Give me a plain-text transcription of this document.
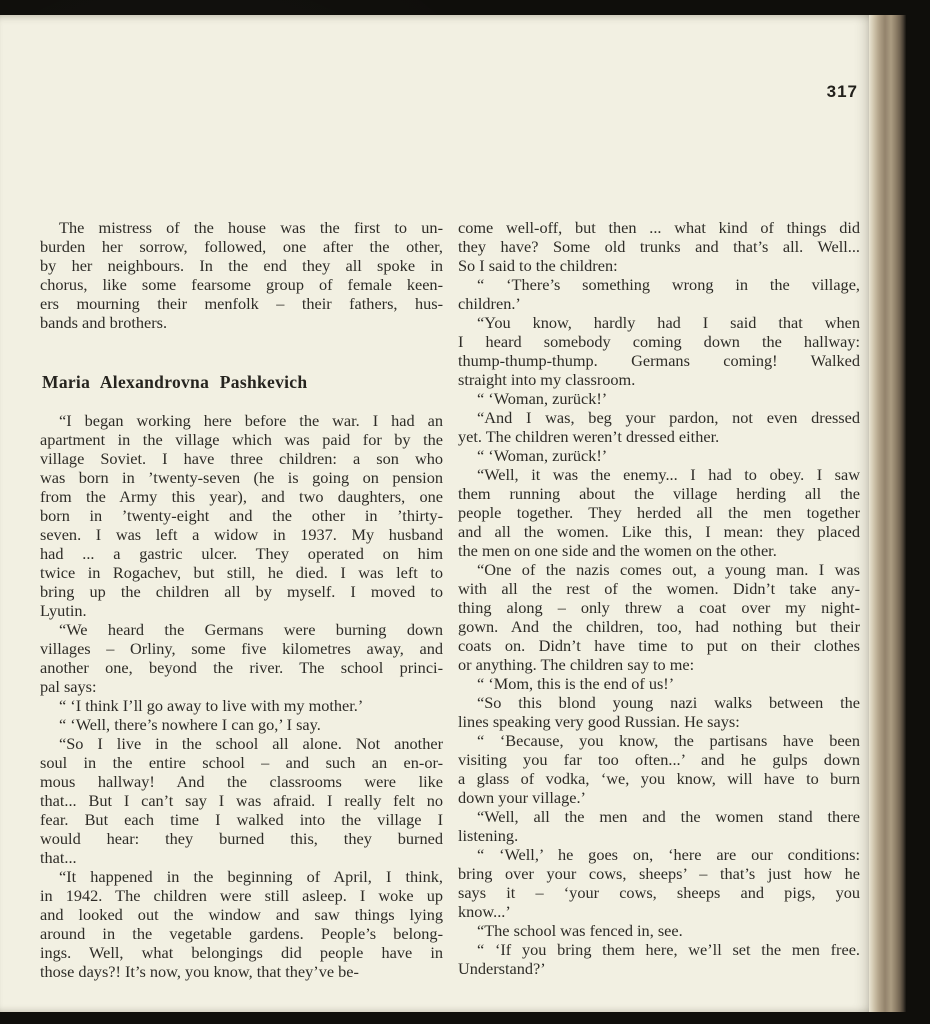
317
The mistress of the house was the first to un-
burden her sorrow, followed, one after the other,
by her neighbours. In the end they all spoke in
chorus, like some fearsome group of female keen-
ers mourning their menfolk – their fathers, hus-
bands and brothers.
Maria Alexandrovna Pashkevich
“I began working here before the war. I had an
apartment in the village which was paid for by the
village Soviet. I have three children: a son who
was born in ’twenty-seven (he is going on pension
from the Army this year), and two daughters, one
born in ’twenty-eight and the other in ’thirty-
seven. I was left a widow in 1937. My husband
had ... a gastric ulcer. They operated on him
twice in Rogachev, but still, he died. I was left to
bring up the children all by myself. I moved to
Lyutin.
“We heard the Germans were burning down
villages – Orliny, some five kilometres away, and
another one, beyond the river. The school princi-
pal says:
“ ‘I think I’ll go away to live with my mother.’
“ ‘Well, there’s nowhere I can go,’ I say.
“So I live in the school all alone. Not another
soul in the entire school – and such an en-or-
mous hallway! And the classrooms were like
that... But I can’t say I was afraid. I really felt no
fear. But each time I walked into the village I
would hear: they burned this, they burned
that...
“It happened in the beginning of April, I think,
in 1942. The children were still asleep. I woke up
and looked out the window and saw things lying
around in the vegetable gardens. People’s belong-
ings. Well, what belongings did people have in
those days?! It’s now, you know, that they’ve be-
come well-off, but then ... what kind of things did
they have? Some old trunks and that’s all. Well...
So I said to the children:
“ ‘There’s something wrong in the village,
children.’
“You know, hardly had I said that when
I heard somebody coming down the hallway:
thump-thump-thump. Germans coming! Walked
straight into my classroom.
“ ‘Woman, zurück!’
“And I was, beg your pardon, not even dressed
yet. The children weren’t dressed either.
“ ‘Woman, zurück!’
“Well, it was the enemy... I had to obey. I saw
them running about the village herding all the
people together. They herded all the men together
and all the women. Like this, I mean: they placed
the men on one side and the women on the other.
“One of the nazis comes out, a young man. I was
with all the rest of the women. Didn’t take any-
thing along – only threw a coat over my night-
gown. And the children, too, had nothing but their
coats on. Didn’t have time to put on their clothes
or anything. The children say to me:
“ ‘Mom, this is the end of us!’
“So this blond young nazi walks between the
lines speaking very good Russian. He says:
“ ‘Because, you know, the partisans have been
visiting you far too often...’ and he gulps down
a glass of vodka, ‘we, you know, will have to burn
down your village.’
“Well, all the men and the women stand there
listening.
“ ‘Well,’ he goes on, ‘here are our conditions:
bring over your cows, sheeps’ – that’s just how he
says it – ‘your cows, sheeps and pigs, you
know...’
“The school was fenced in, see.
“ ‘If you bring them here, we’ll set the men free.
Understand?’
